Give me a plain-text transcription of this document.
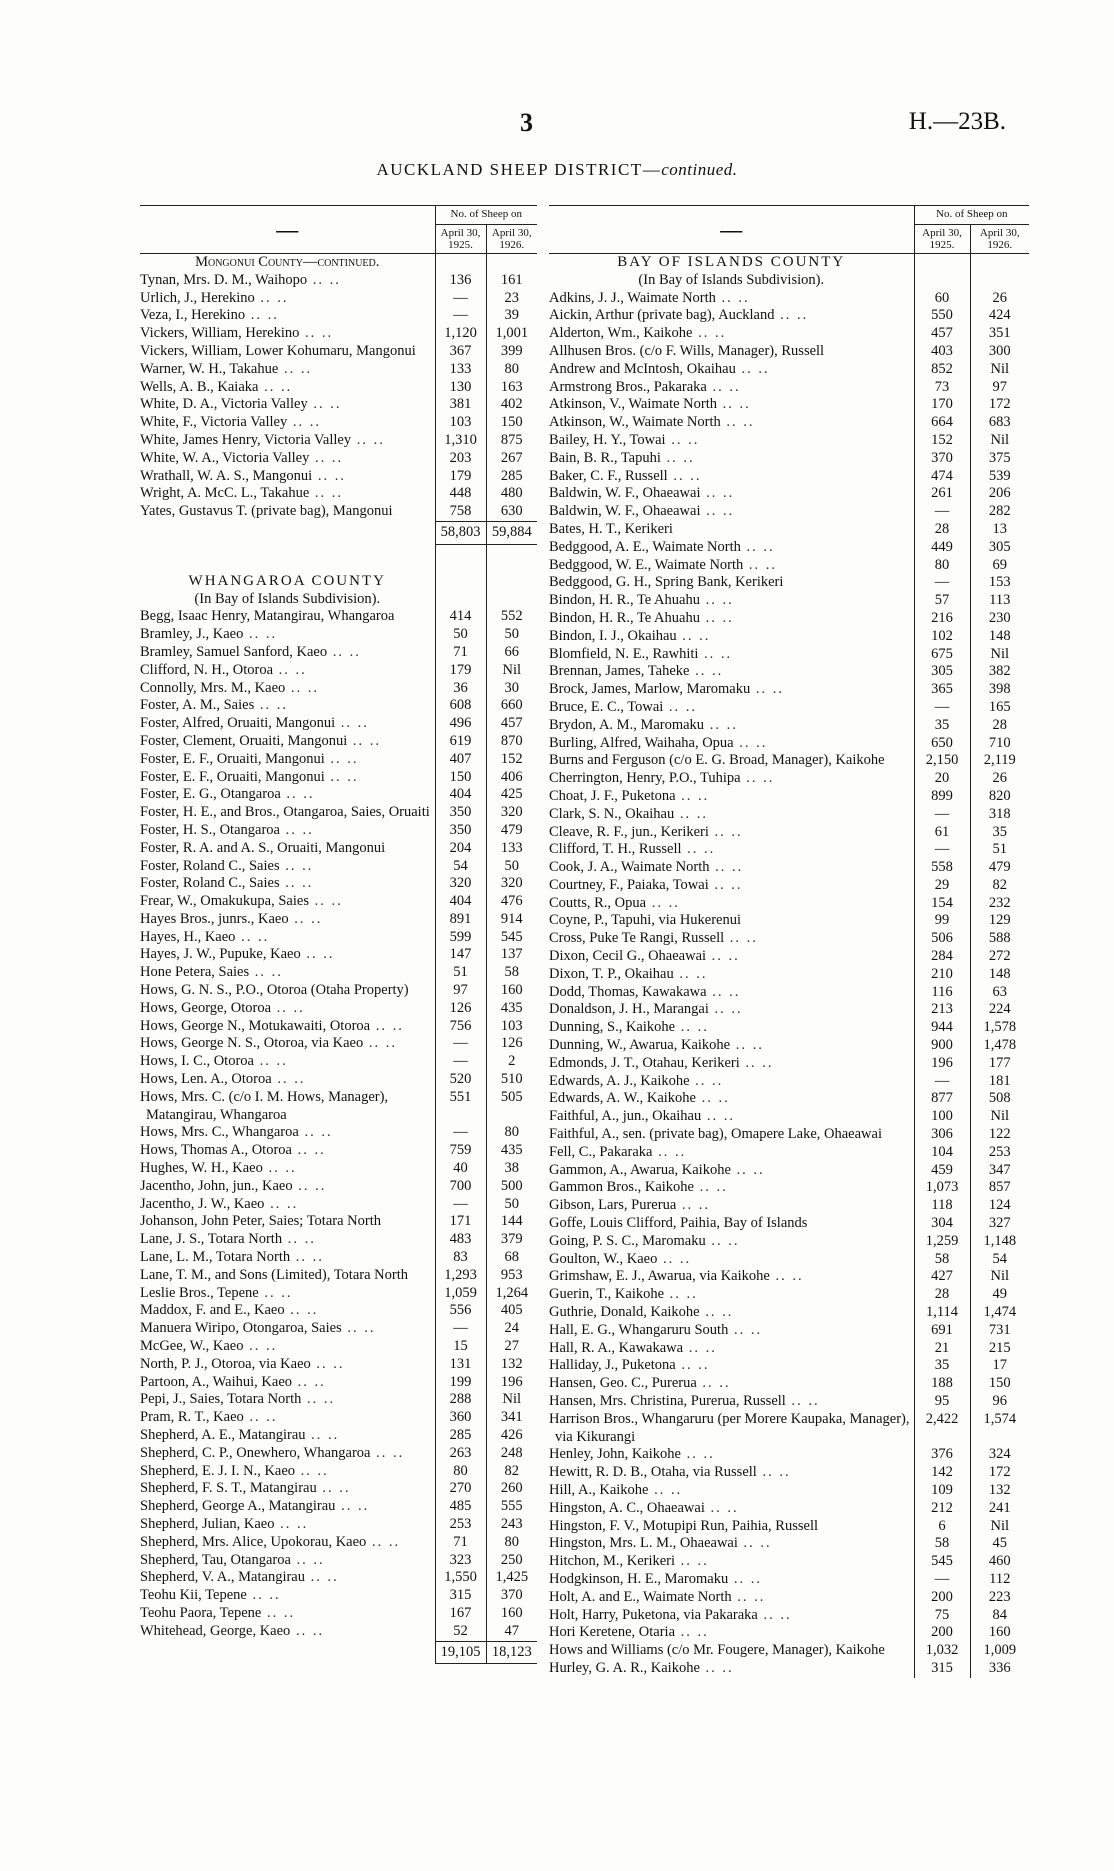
3	H.—23B.
AUCKLAND SHEEP DISTRICT—continued.
—	No. of Sheep on	
	April 30, 1925.	April 30, 1926.
Mongonui County—continued.		
Tynan, Mrs. D. M., Waihopo .. ..	136	161
Urlich, J., Herekino .. ..	—	23
Veza, I., Herekino .. ..	—	39
Vickers, William, Herekino .. ..	1,120	1,001
Vickers, William, Lower Kohumaru, Mangonui	367	399
Warner, W. H., Takahue .. ..	133	80
Wells, A. B., Kaiaka .. ..	130	163
White, D. A., Victoria Valley .. ..	381	402
White, F., Victoria Valley .. ..	103	150
White, James Henry, Victoria Valley .. ..	1,310	875
White, W. A., Victoria Valley .. ..	203	267
Wrathall, W. A. S., Mangonui .. ..	179	285
Wright, A. McC. L., Takahue .. ..	448	480
Yates, Gustavus T. (private bag), Mangonui	758	630
	58,803	59,884

WHANGAROA COUNTY		
(In Bay of Islands Subdivision).		
Begg, Isaac Henry, Matangirau, Whangaroa	414	552
Bramley, J., Kaeo .. ..	50	50
Bramley, Samuel Sanford, Kaeo .. ..	71	66
Clifford, N. H., Otoroa .. ..	179	Nil
Connolly, Mrs. M., Kaeo .. ..	36	30
Foster, A. M., Saies .. ..	608	660
Foster, Alfred, Oruaiti, Mangonui .. ..	496	457
Foster, Clement, Oruaiti, Mangonui .. ..	619	870
Foster, E. F., Oruaiti, Mangonui .. ..	407	152
Foster, E. F., Oruaiti, Mangonui .. ..	150	406
Foster, E. G., Otangaroa .. ..	404	425
Foster, H. E., and Bros., Otangaroa, Saies, Oruaiti	350	320
Foster, H. S., Otangaroa .. ..	350	479
Foster, R. A. and A. S., Oruaiti, Mangonui	204	133
Foster, Roland C., Saies .. ..	54	50
Foster, Roland C., Saies .. ..	320	320
Frear, W., Omakukupa, Saies .. ..	404	476
Hayes Bros., junrs., Kaeo .. ..	891	914
Hayes, H., Kaeo .. ..	599	545
Hayes, J. W., Pupuke, Kaeo .. ..	147	137
Hone Petera, Saies .. ..	51	58
Hows, G. N. S., P.O., Otoroa (Otaha Property)	97	160
Hows, George, Otoroa .. ..	126	435
Hows, George N., Motukawaiti, Otoroa .. ..	756	103
Hows, George N. S., Otoroa, via Kaeo .. ..	—	126
Hows, I. C., Otoroa .. ..	—	2
Hows, Len. A., Otoroa .. ..	520	510
Hows, Mrs. C. (c/o I. M. Hows, Manager), Matangirau, Whangaroa	551	505
Hows, Mrs. C., Whangaroa .. ..	—	80
Hows, Thomas A., Otoroa .. ..	759	435
Hughes, W. H., Kaeo .. ..	40	38
Jacentho, John, jun., Kaeo .. ..	700	500
Jacentho, J. W., Kaeo .. ..	—	50
Johanson, John Peter, Saies; Totara North	171	144
Lane, J. S., Totara North .. ..	483	379
Lane, L. M., Totara North .. ..	83	68
Lane, T. M., and Sons (Limited), Totara North	1,293	953
Leslie Bros., Tepene .. ..	1,059	1,264
Maddox, F. and E., Kaeo .. ..	556	405
Manuera Wiripo, Otongaroa, Saies .. ..	—	24
McGee, W., Kaeo .. ..	15	27
North, P. J., Otoroa, via Kaeo .. ..	131	132
Partoon, A., Waihui, Kaeo .. ..	199	196
Pepi, J., Saies, Totara North .. ..	288	Nil
Pram, R. T., Kaeo .. ..	360	341
Shepherd, A. E., Matangirau .. ..	285	426
Shepherd, C. P., Onewhero, Whangaroa .. ..	263	248
Shepherd, E. J. I. N., Kaeo .. ..	80	82
Shepherd, F. S. T., Matangirau .. ..	270	260
Shepherd, George A., Matangirau .. ..	485	555
Shepherd, Julian, Kaeo .. ..	253	243
Shepherd, Mrs. Alice, Upokorau, Kaeo .. ..	71	80
Shepherd, Tau, Otangaroa .. ..	323	250
Shepherd, V. A., Matangirau .. ..	1,550	1,425
Teohu Kii, Tepene .. ..	315	370
Teohu Paora, Tepene .. ..	167	160
Whitehead, George, Kaeo .. ..	52	47
	19,105	18,123
—	No. of Sheep on	
	April 30, 1925.	April 30, 1926.
BAY OF ISLANDS COUNTY		
(In Bay of Islands Subdivision).		
Adkins, J. J., Waimate North .. ..	60	26
Aickin, Arthur (private bag), Auckland .. ..	550	424
Alderton, Wm., Kaikohe .. ..	457	351
Allhusen Bros. (c/o F. Wills, Manager), Russell	403	300
Andrew and McIntosh, Okaihau .. ..	852	Nil
Armstrong Bros., Pakaraka .. ..	73	97
Atkinson, V., Waimate North .. ..	170	172
Atkinson, W., Waimate North .. ..	664	683
Bailey, H. Y., Towai .. ..	152	Nil
Bain, B. R., Tapuhi .. ..	370	375
Baker, C. F., Russell .. ..	474	539
Baldwin, W. F., Ohaeawai .. ..	261	206
Baldwin, W. F., Ohaeawai .. ..	—	282
Bates, H. T., Kerikeri	28	13
Bedggood, A. E., Waimate North .. ..	449	305
Bedggood, W. E., Waimate North .. ..	80	69
Bedggood, G. H., Spring Bank, Kerikeri	—	153
Bindon, H. R., Te Ahuahu .. ..	57	113
Bindon, H. R., Te Ahuahu .. ..	216	230
Bindon, I. J., Okaihau .. ..	102	148
Blomfield, N. E., Rawhiti .. ..	675	Nil
Brennan, James, Taheke .. ..	305	382
Brock, James, Marlow, Maromaku .. ..	365	398
Bruce, E. C., Towai .. ..	—	165
Brydon, A. M., Maromaku .. ..	35	28
Burling, Alfred, Waihaha, Opua .. ..	650	710
Burns and Ferguson (c/o E. G. Broad, Manager), Kaikohe	2,150	2,119
Cherrington, Henry, P.O., Tuhipa .. ..	20	26
Choat, J. F., Puketona .. ..	899	820
Clark, S. N., Okaihau .. ..	—	318
Cleave, R. F., jun., Kerikeri .. ..	61	35
Clifford, T. H., Russell .. ..	—	51
Cook, J. A., Waimate North .. ..	558	479
Courtney, F., Paiaka, Towai .. ..	29	82
Coutts, R., Opua .. ..	154	232
Coyne, P., Tapuhi, via Hukerenui	99	129
Cross, Puke Te Rangi, Russell .. ..	506	588
Dixon, Cecil G., Ohaeawai .. ..	284	272
Dixon, T. P., Okaihau .. ..	210	148
Dodd, Thomas, Kawakawa .. ..	116	63
Donaldson, J. H., Marangai .. ..	213	224
Dunning, S., Kaikohe .. ..	944	1,578
Dunning, W., Awarua, Kaikohe .. ..	900	1,478
Edmonds, J. T., Otahau, Kerikeri .. ..	196	177
Edwards, A. J., Kaikohe .. ..	—	181
Edwards, A. W., Kaikohe .. ..	877	508
Faithful, A., jun., Okaihau .. ..	100	Nil
Faithful, A., sen. (private bag), Omapere Lake, Ohaeawai	306	122
Fell, C., Pakaraka .. ..	104	253
Gammon, A., Awarua, Kaikohe .. ..	459	347
Gammon Bros., Kaikohe .. ..	1,073	857
Gibson, Lars, Purerua .. ..	118	124
Goffe, Louis Clifford, Paihia, Bay of Islands	304	327
Going, P. S. C., Maromaku .. ..	1,259	1,148
Goulton, W., Kaeo .. ..	58	54
Grimshaw, E. J., Awarua, via Kaikohe .. ..	427	Nil
Guerin, T., Kaikohe .. ..	28	49
Guthrie, Donald, Kaikohe .. ..	1,114	1,474
Hall, E. G., Whangaruru South .. ..	691	731
Hall, R. A., Kawakawa .. ..	21	215
Halliday, J., Puketona .. ..	35	17
Hansen, Geo. C., Purerua .. ..	188	150
Hansen, Mrs. Christina, Purerua, Russell .. ..	95	96
Harrison Bros., Whangaruru (per Morere Kaupaka, Manager), via Kikurangi	2,422	1,574
Henley, John, Kaikohe .. ..	376	324
Hewitt, R. D. B., Otaha, via Russell .. ..	142	172
Hill, A., Kaikohe .. ..	109	132
Hingston, A. C., Ohaeawai .. ..	212	241
Hingston, F. V., Motupipi Run, Paihia, Russell	6	Nil
Hingston, Mrs. L. M., Ohaeawai .. ..	58	45
Hitchon, M., Kerikeri .. ..	545	460
Hodgkinson, H. E., Maromaku .. ..	—	112
Holt, A. and E., Waimate North .. ..	200	223
Holt, Harry, Puketona, via Pakaraka .. ..	75	84
Hori Keretene, Otaria .. ..	200	160
Hows and Williams (c/o Mr. Fougere, Manager), Kaikohe	1,032	1,009
Hurley, G. A. R., Kaikohe .. ..	315	336
